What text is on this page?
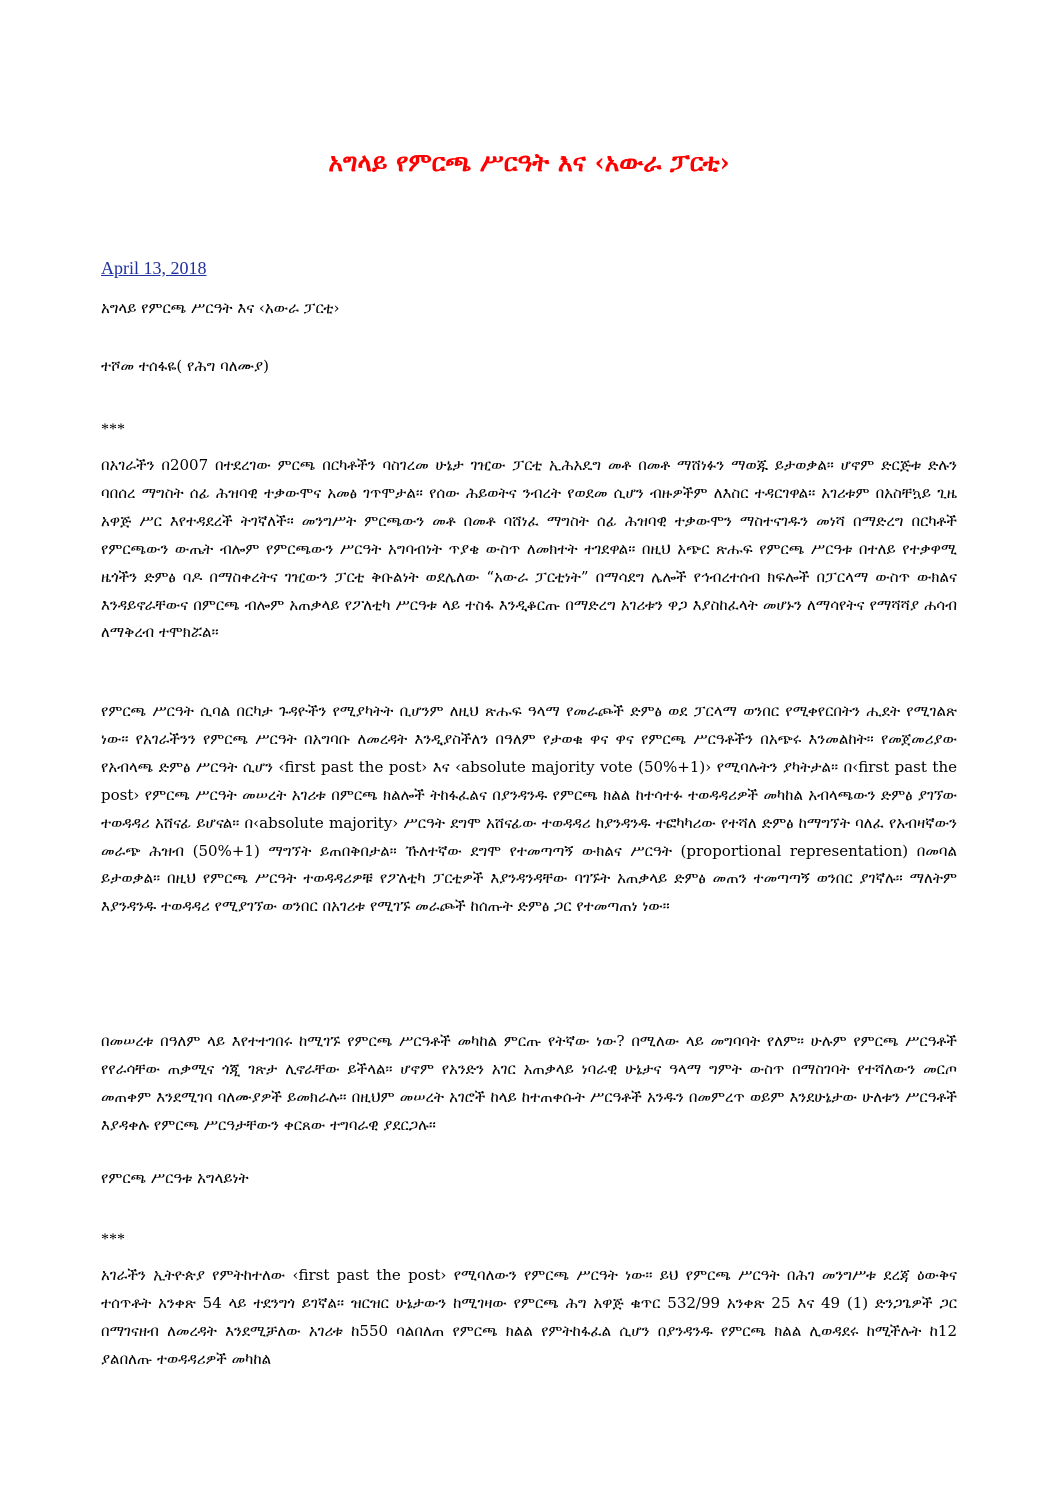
አግላይ የምርጫ ሥርዓት እና ‹አውራ ፓርቲ›
April 13, 2018
አግላይ የምርጫ ሥርዓት እና ‹አውራ ፓርቲ›
ተሾመ ተሰፋዬ( የሕግ ባለሙያ)
***
በአገራችን በ2007 በተደረገው ምርጫ በርካቶችን ባስገረመ ሁኔታ ገዢው ፓርቲ ኢሕአዴግ መቶ በመቶ ማሸነፉን ማወጁ ይታወቃል። ሆኖም ድርጅቱ ድሉን ባበሰረ ማግስት ሰፊ ሕዝባዊ ተቃውሞና አመፅ ገጥሞታል፡፡ የሰው ሕይወትና ንብረት የወደመ ሲሆን ብዙዎችም ለእስር ተዳርገዋል፡፡ አገሪቱም በአስቸኳይ ጊዜ አዋጅ ሥር እየተዳደረች ትገኛለች፡፡ መንግሥት ምርጫውን መቶ በመቶ ባሸነፈ ማግስት ሰፊ ሕዝባዊ ተቃውሞን ማስተናገዱን መነሻ በማድረግ በርካቶች የምርጫውን ውጤት ብሎም የምርጫውን ሥርዓት አግባብነት ጥያቄ ውስጥ ለመክተት ተገደዋል፡፡ በዚህ አጭር ጽሑፍ የምርጫ ሥርዓቱ በተለይ የተቃዋሚ ዜጎችን ድምፅ ባዶ በማስቀረትና ገዢውን ፓርቲ ቅቡልነት ወደሌለው “አውራ ፓርቲነት” በማሳደግ ሌሎች የኅብረተሰብ ክፍሎች በፓርላማ ውስጥ ውክልና እንዳይኖራቸውና በምርጫ ብሎም አጠቃላይ የፖለቲካ ሥርዓቱ ላይ ተስፋ እንዲቆርጡ በማድረግ አገሪቱን ዋጋ እያስከፈላት መሆኑን ለማሳየትና የማሻሻያ ሐሳብ ለማቅረብ ተሞክሯል።
የምርጫ ሥርዓት ሲባል በርካታ ጉዳዮችን የሚያካትት ቢሆንም ለዚህ ጽሑፍ ዓላማ የመራጮች ድምፅ ወደ ፓርላማ ወንበር የሚቀየርበትን ሒደት የሚገልጽ ነው፡፡ የአገራችንን የምርጫ ሥርዓት በአግባቡ ለመረዳት እንዲያስችለን በዓለም የታወቁ ዋና ዋና የምርጫ ሥርዓቶችን በአጭሩ እንመልከት። የመጀመሪያው የአብላጫ ድምፅ ሥርዓት ሲሆን ‹first past the post› እና ‹absolute majority vote (50%+1)› የሚባሉትን ያካትታል። በ‹first past the post› የምርጫ ሥርዓት መሠረት አገሪቱ በምርጫ ክልሎች ትከፋፈልና በያንዳንዱ የምርጫ ክልል ከተሳተፉ ተወዳዳሪዎች መካከል አብላጫውን ድምፅ ያገኘው ተወዳዳሪ አሸናፊ ይሆናል። በ‹absolute majority› ሥርዓት ደግሞ አሸናፊው ተወዳዳሪ ከያንዳንዱ ተፎካካሪው የተሻለ ድምፅ ከማግኘት ባለፈ የአብዛኛውን መራጭ ሕዝብ (50%+1) ማግኘት ይጠበቅበታል። ኹለተኛው ደግሞ የተመጣጣኝ ውክልና ሥርዓት (proportional representation) በመባል ይታወቃል። በዚህ የምርጫ ሥርዓት ተወዳዳሪዎቹ የፖለቲካ ፓርቲዎች እያንዳንዳቸው ባገኙት አጠቃላይ ድምፅ መጠን ተመጣጣኝ ወንበር ያገኛሉ። ማለትም እያንዳንዱ ተወዳዳሪ የሚያገኘው ወንበር በአገሪቱ የሚገኙ መራጮች ከሰጡት ድምፅ ጋር የተመጣጠነ ነው።
በመሠረቱ በዓለም ላይ እየተተገበሩ ከሚገኙ የምርጫ ሥርዓቶች መካከል ምርጡ የትኛው ነው? በሚለው ላይ መግባባት የለም። ሁሉም የምርጫ ሥርዓቶች የየራሳቸው ጠቃሚና ጎጂ ገጽታ ሊኖራቸው ይችላል። ሆኖም የአንድን አገር አጠቃላይ ነባራዊ ሁኔታና ዓላማ ግምት ውስጥ በማስገባት የተሻለውን መርጦ መጠቀም እንደሚገባ ባለሙያዎች ይመክራሉ። በዚህም መሠረት አገሮች ከላይ ከተጠቀሱት ሥርዓቶች አንዱን በመምረጥ ወይም እንደሁኔታው ሁለቱን ሥርዓቶች እያዳቀሉ የምርጫ ሥርዓታቸውን ቀርጸው ተግባራዊ ያደርጋሉ፡፡
የምርጫ ሥርዓቱ አግላይነት
***
አገራችን ኢትዮጵያ የምትከተለው ‹first past the post› የሚባለውን የምርጫ ሥርዓት ነው። ይህ የምርጫ ሥርዓት በሕገ መንግሥቱ ደረጃ ዕውቅና ተሰጥቶት አንቀጽ 54 ላይ ተደንግጎ ይገኛል፡፡ ዝርዝር ሁኔታውን ከሚገዛው የምርጫ ሕግ አዋጅ ቁጥር 532/99 አንቀጽ 25 እና 49 (1) ድንጋጌዎች ጋር በማገናዘብ ለመረዳት እንደሚቻለው አገሪቱ ከ550 ባልበለጠ የምርጫ ክልል የምትከፋፈል ሲሆን በያንዳንዱ የምርጫ ክልል ሊወዳደሩ ከሚችሉት ከ12 ያልበለጡ ተወዳዳሪዎች መካከል
